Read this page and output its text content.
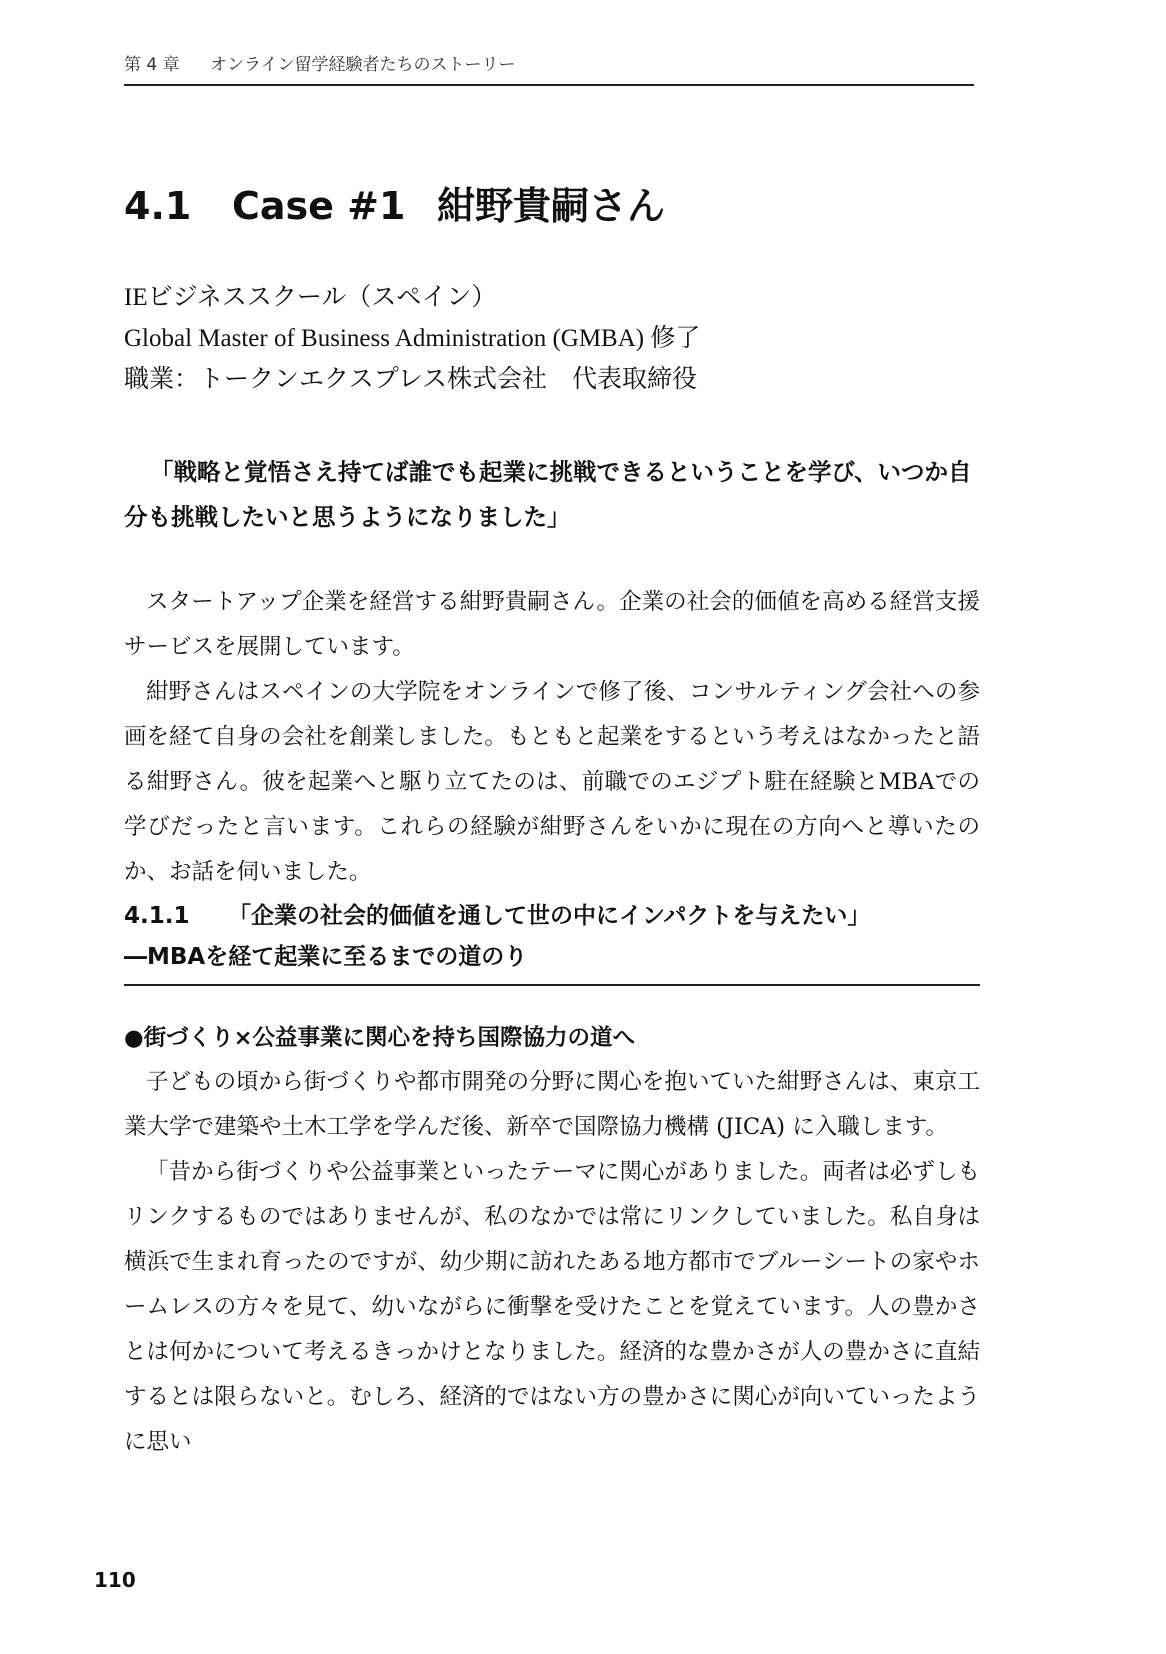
第 4 章 オンライン留学経験者たちのストーリー
4.1 Case #1 紺野貴嗣さん
IEビジネススクール（スペイン）
Global Master of Business Administration (GMBA) 修了
職業：トークンエクスプレス株式会社　代表取締役

「戦略と覚悟さえ持てば誰でも起業に挑戦できるということを学び、いつか自分も挑戦したいと思うようになりました」

スタートアップ企業を経営する紺野貴嗣さん。企業の社会的価値を高める経営支援サービスを展開しています。

紺野さんはスペインの大学院をオンラインで修了後、コンサルティング会社への参画を経て自身の会社を創業しました。もともと起業をするという考えはなかったと語る紺野さん。彼を起業へと駆り立てたのは、前職でのエジプト駐在経験とMBAでの学びだったと言います。これらの経験が紺野さんをいかに現在の方向へと導いたのか、お話を伺いました。

4.1.1 「企業の社会的価値を通して世の中にインパクトを与えたい」
―MBAを経て起業に至るまでの道のり
●街づくり×公益事業に関心を持ち国際協力の道へ

子どもの頃から街づくりや都市開発の分野に関心を抱いていた紺野さんは、東京工業大学で建築や土木工学を学んだ後、新卒で国際協力機構 (JICA) に入職します。

「昔から街づくりや公益事業といったテーマに関心がありました。両者は必ずしもリンクするものではありませんが、私のなかでは常にリンクしていました。私自身は横浜で生まれ育ったのですが、幼少期に訪れたある地方都市でブルーシートの家やホームレスの方々を見て、幼いながらに衝撃を受けたことを覚えています。人の豊かさとは何かについて考えるきっかけとなりました。経済的な豊かさが人の豊かさに直結するとは限らないと。むしろ、経済的ではない方の豊かさに関心が向いていったように思い

110
